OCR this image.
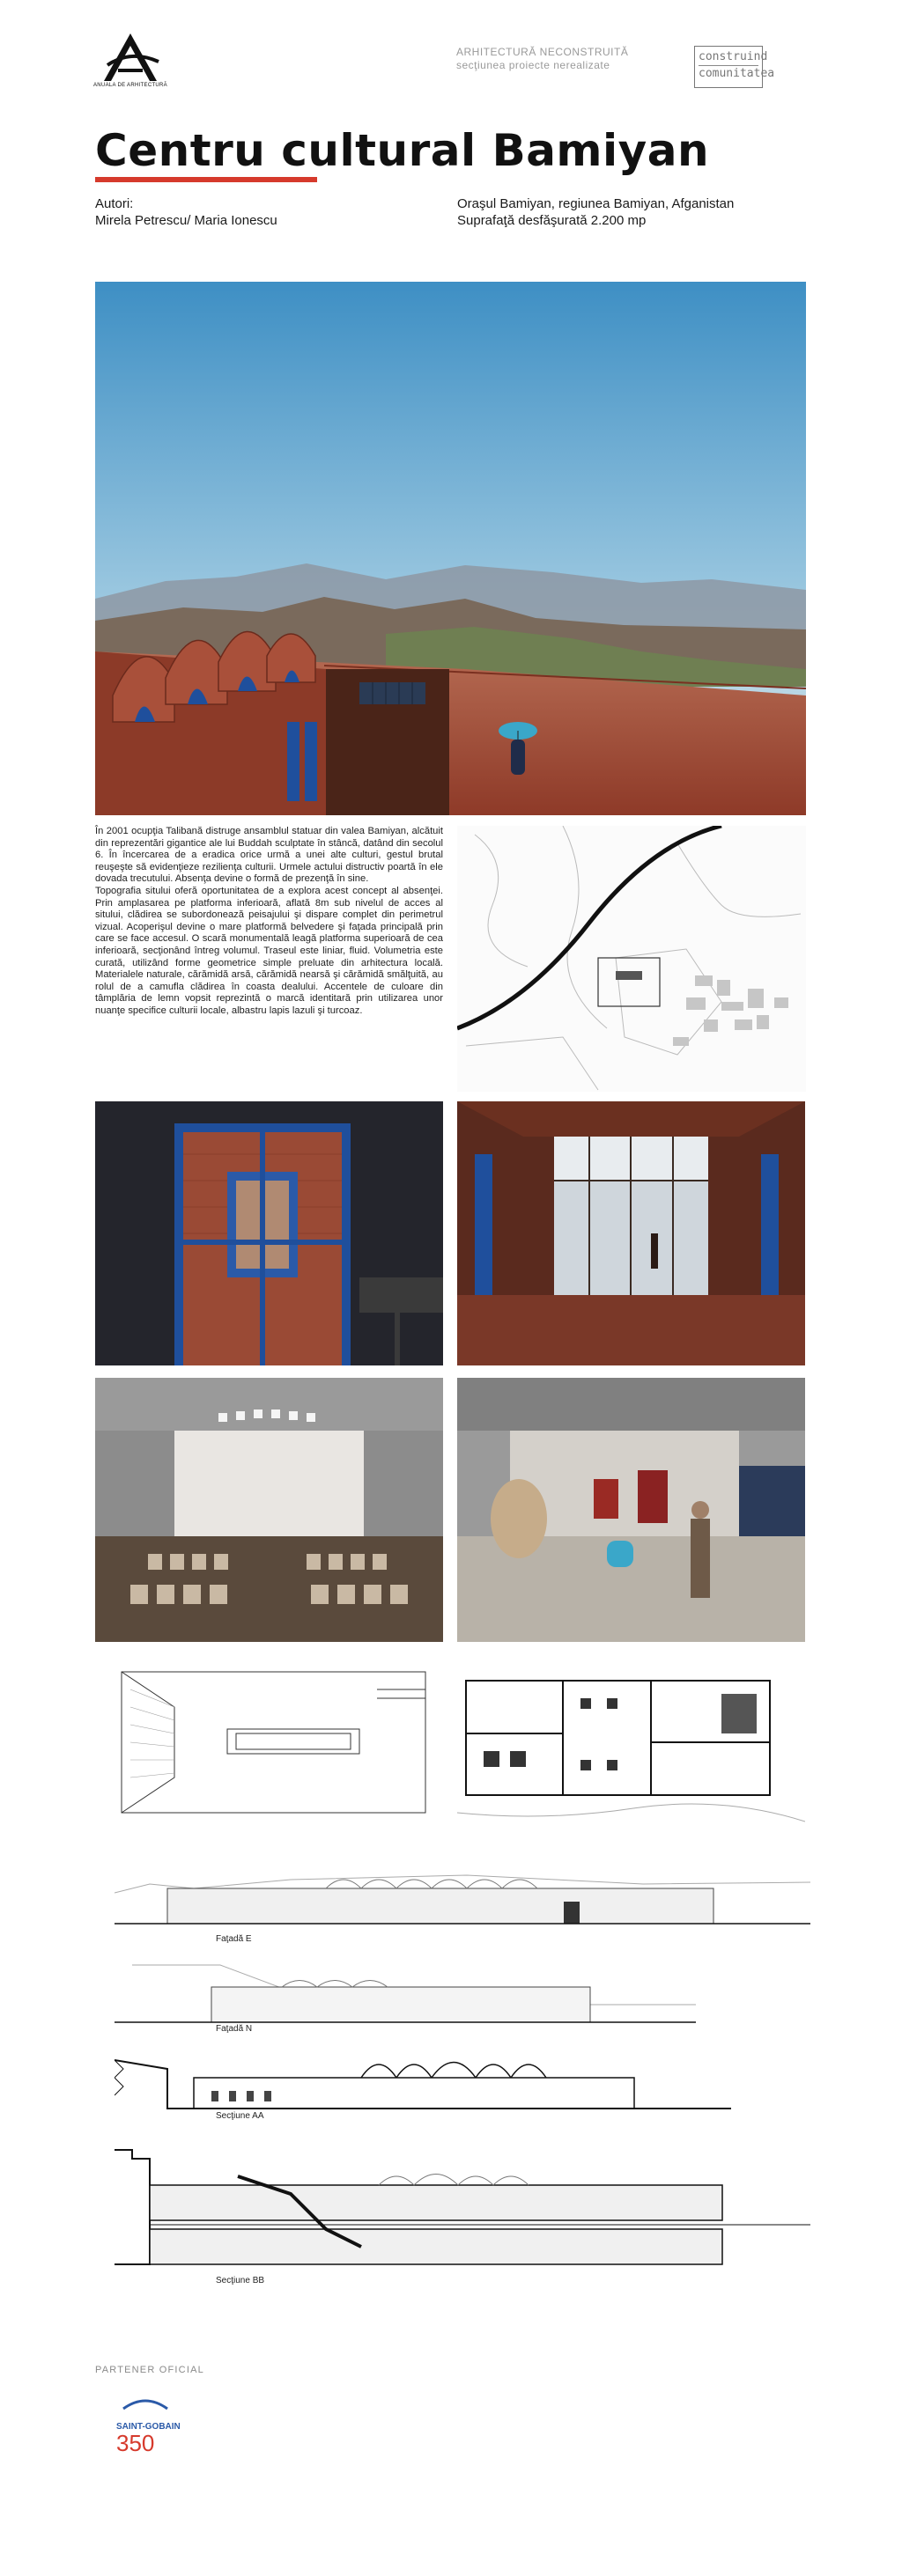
ANUALA DE ARHITECTURĂ
ARHITECTURĂ NECONSTRUITĂ
secţiunea proiecte nerealizate
construind
comunitatea
Centru cultural Bamiyan
Autori:
Mirela Petrescu/ Maria Ionescu
Oraşul Bamiyan, regiunea Bamiyan, Afganistan
Suprafaţă desfăşurată 2.200 mp

În 2001 ocupţia Talibană distruge ansamblul statuar din valea Bamiyan, alcătuit din reprezentări gigantice ale lui Buddah sculptate în stâncă, datând din secolul 6. În încercarea de a eradica orice urmă a unei alte culturi, gestul brutal reuşeşte să evidenţieze rezilienţa culturii. Urmele actului distructiv poartă în ele dovada trecutului. Absenţa devine o formă de prezenţă în sine.

Topografia sitului oferă oportunitatea de a explora acest concept al absenţei. Prin amplasarea pe platforma inferioară, aflată 8m sub nivelul de acces al sitului, clădirea se subordonează peisajului şi dispare complet din perimetrul vizual. Acoperişul devine o mare platformă belvedere şi faţada principală prin care se face accesul. O scară monumentală leagă platforma superioară de cea inferioară, secţionând întreg volumul. Traseul este liniar, fluid. Volumetria este curată, utilizând forme geometrice simple preluate din arhitectura locală. Materialele naturale, cărămidă arsă, cărămidă nearsă şi cărămidă smălţuită, au rolul de a camufla clădirea în coasta dealului. Accentele de culoare din tâmplăria de lemn vopsit reprezintă o marcă identitară prin utilizarea unor nuanţe specifice culturii locale, albastru lapis lazuli şi turcoaz.

Faţadă E
Faţadă N
Secţiune AA
Secţiune BB
PARTENER OFICIAL
SAINT-GOBAIN
350
